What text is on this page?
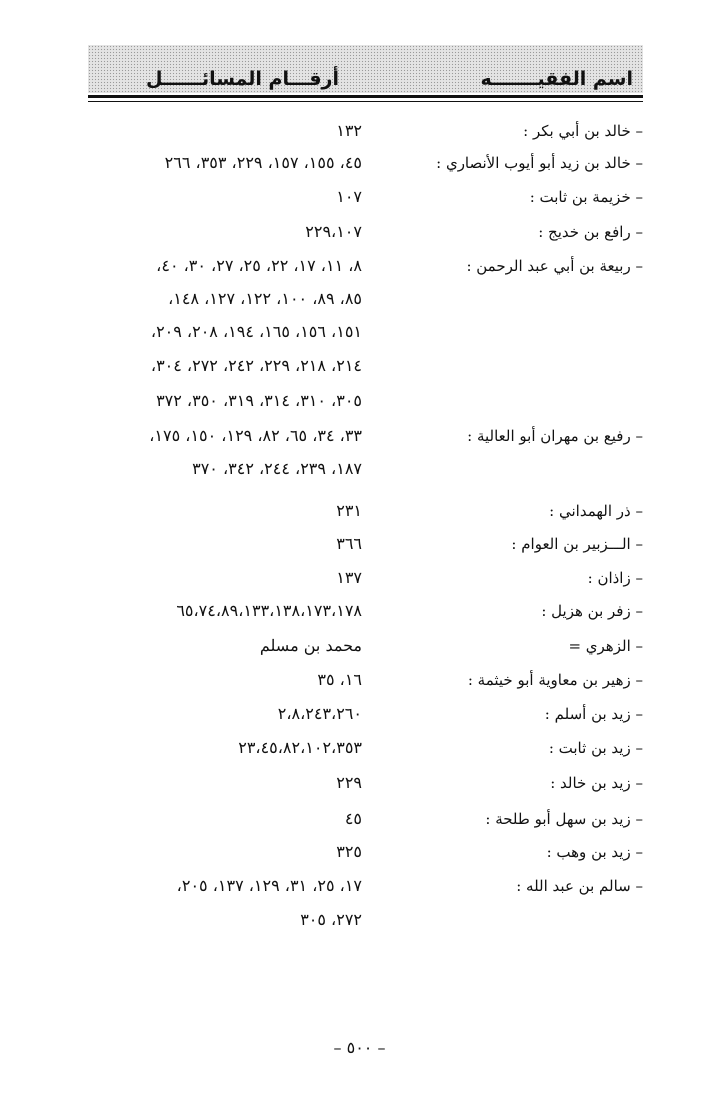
اسم الفقيـــــــه
أرقـــام المسائــــــل
– خالد بن أبي بكر :
١٣٢
– خالد بن زيد أبو أيوب الأنصاري :
٤٥، ١٥٥، ١٥٧، ٢٢٩، ٣٥٣، ٢٦٦
– خزيمة بن ثابت :
١٠٧
– رافع بن خديج :
٢٢٩،١٠٧
– ربيعة بن أبي عبد الرحمن :
٨، ١١، ١٧، ٢٢، ٢٥، ٢٧، ٣٠، ٤٠،
٨٥، ٨٩، ١٠٠، ١٢٢، ١٢٧، ١٤٨،
١٥١، ١٥٦، ١٦٥، ١٩٤، ٢٠٨، ٢٠٩،
٢١٤، ٢١٨، ٢٢٩، ٢٤٢، ٢٧٢، ٣٠٤،
٣٠٥، ٣١٠، ٣١٤، ٣١٩، ٣٥٠، ٣٧٢
– رفيع بن مهران أبو العالية :
٣٣، ٣٤، ٦٥، ٨٢، ١٢٩، ١٥٠، ١٧٥،
١٨٧، ٢٣٩، ٢٤٤، ٣٤٢، ٣٧٠
– ذر الهمداني :
٢٣١
– الـــزبير بن العوام :
٣٦٦
– زاذان :
١٣٧
– زفر بن هزيل :
٦٥،٧٤،٨٩،١٣٣،١٣٨،١٧٣،١٧٨
– الزهري =
محمد بن مسلم
– زهير بن معاوية أبو خيثمة :
١٦، ٣٥
– زيد بن أسلم :
٢،٨،٢٤٣،٢٦٠
– زيد بن ثابت :
٢٣،٤٥،٨٢،١٠٢،٣٥٣
– زيد بن خالد :
٢٢٩
– زيد بن سهل أبو طلحة :
٤٥
– زيد بن وهب :
٣٢٥
– سالم بن عبد الله :
١٧، ٢٥، ٣١، ١٢٩، ١٣٧، ٢٠٥،
٢٧٢، ٣٠٥
– ٥٠٠ –
